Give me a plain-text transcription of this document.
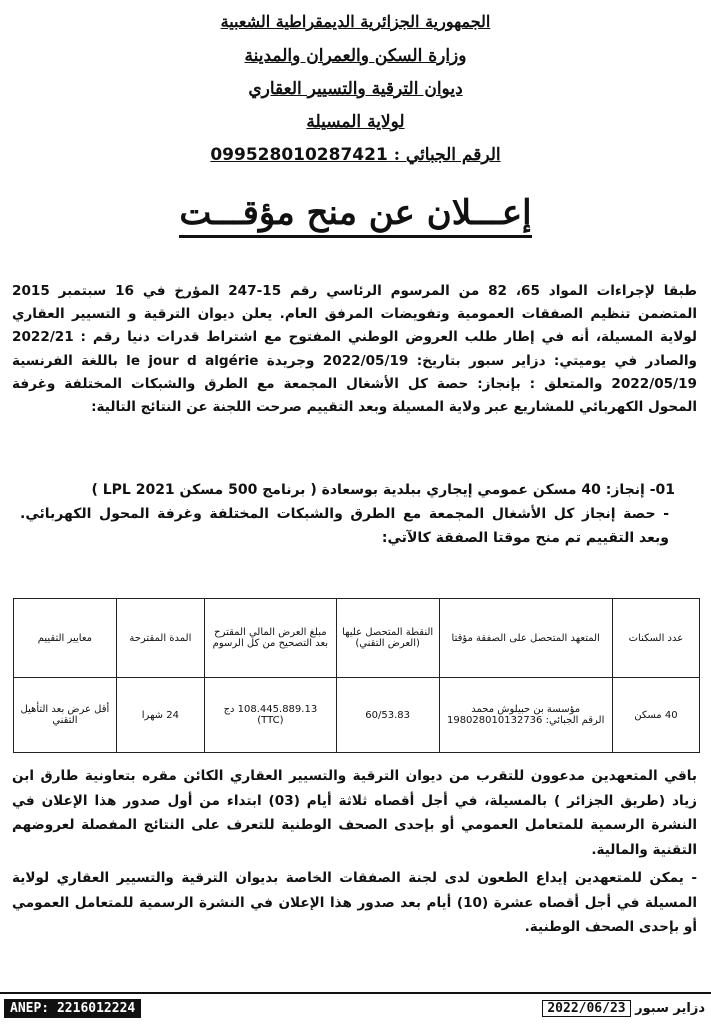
الجمهورية الجزائرية الديمقراطية الشعبية

وزارة السكن والعمران والمدينة

ديوان الترقية والتسيير العقاري

لولاية المسيلة

الرقم الجبائي : 099528010287421

إعـــلان عن منح مؤقـــت

طبقا لإجراءات المواد 65، 82 من المرسوم الرئاسي رقم 15-247 المؤرخ في 16 سبتمبر 2015 المتضمن تنظيم الصفقات العمومية وتفويضات المرفق العام. يعلن ديوان الترقية و التسيير العقاري لولاية المسيلة، أنه في إطار طلب العروض الوطني المفتوح مع اشتراط قدرات دنيا رقم : 2022/21 والصادر في يوميتي: دزاير سبور بتاريخ: 2022/05/19 وجريدة le jour d algérie باللغة الفرنسية 2022/05/19 والمتعلق : بإنجاز: حصة كل الأشغال المجمعة مع الطرق والشبكات المختلفة وغرفة المحول الكهربائي للمشاريع عبر ولاية المسيلة وبعد التقييم صرحت اللجنة عن النتائج التالية:

01- إنجاز: 40 مسكن عمومي إيجاري ببلدية بوسعادة ( برنامج 500 مسكن LPL 2021 )

- حصة إنجاز كل الأشغال المجمعة مع الطرق والشبكات المختلفة وغرفة المحول الكهربائي. وبعد التقييم تم منح موقتا الصفقة كالآتي:

عدد السكنات	المتعهد المتحصل على الصفقة مؤقتا	النقطة المتحصل عليها (العرض التقني)	مبلغ العرض المالي المقترح بعد التصحيح من كل الرسوم	المدة المقترحة	معايير التقييم
40 مسكن	مؤسسة بن حبيلوش محمد
الرقم الجبائي: 198028010132736	60/53.83	108.445.889.13 دج (TTC)	24 شهرا	أقل عرض بعد التأهيل التقني

باقي المتعهدين مدعوون للتقرب من ديوان الترقية والتسيير العقاري الكائن مقره بتعاونية طارق ابن زياد (طريق الجزائر ) بالمسيلة، في أجل أقصاه ثلاثة أيام (03) ابتداء من أول صدور هذا الإعلان في النشرة الرسمية للمتعامل العمومي أو بإحدى الصحف الوطنية للتعرف على النتائج المفصلة لعروضهم التقنية والمالية.

- يمكن للمتعهدين إيداع الطعون لدى لجنة الصفقات الخاصة بديوان الترقية والتسيير العقاري لولاية المسيلة في أجل أقصاه عشرة (10) أيام بعد صدور هذا الإعلان في النشرة الرسمية للمتعامل العمومي أو بإحدى الصحف الوطنية.

ANEP: 2216012224	دزاير سبور 2022/06/23
